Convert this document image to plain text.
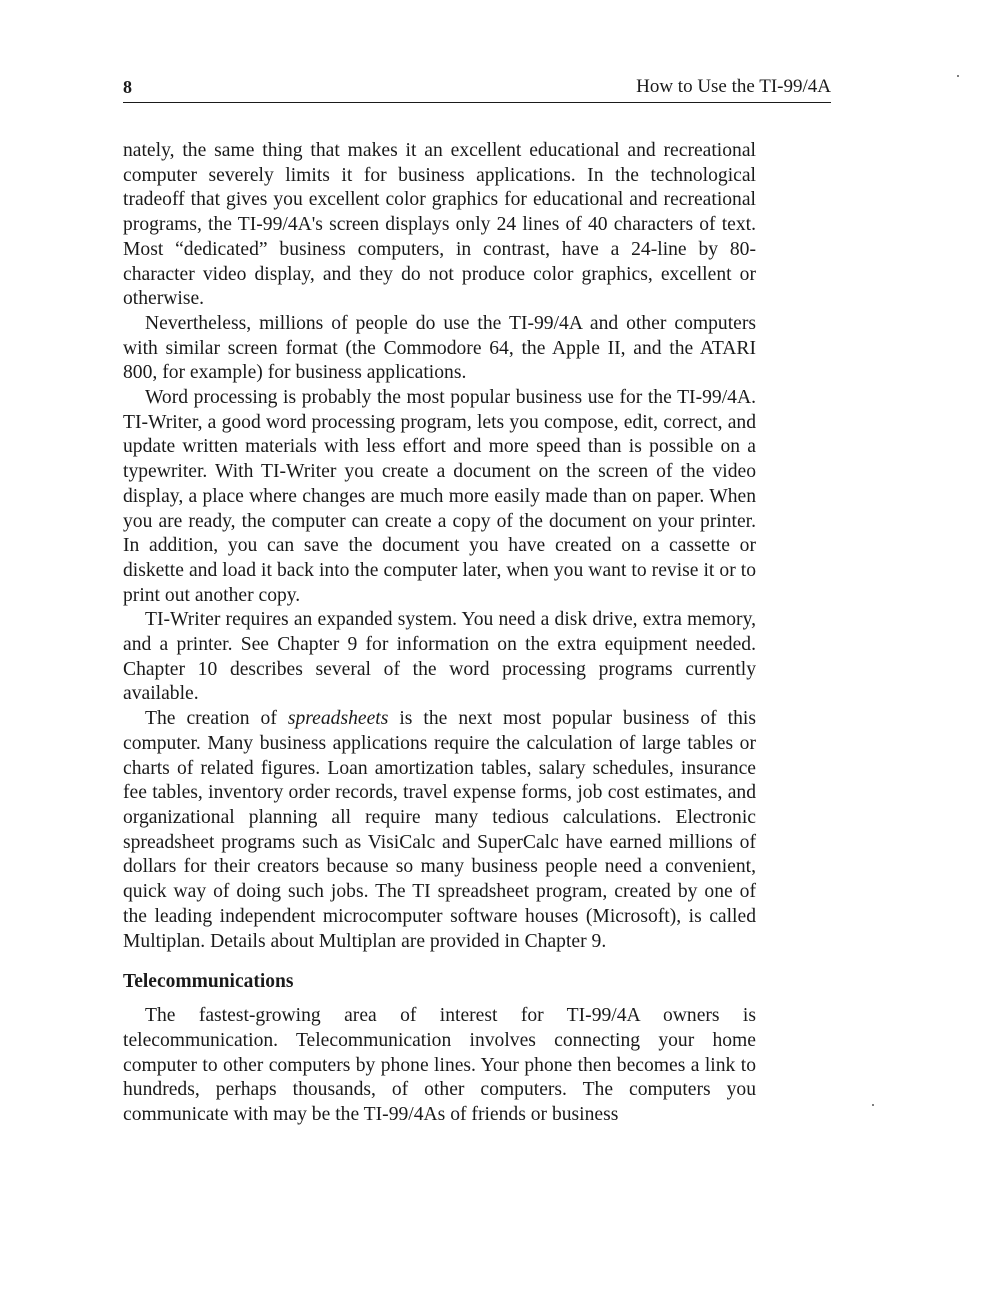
8	How to Use the TI-99/4A

nately, the same thing that makes it an excellent educational and recreational computer severely limits it for business applications. In the technological tradeoff that gives you excellent color graphics for educational and recreational programs, the TI-99/4A's screen displays only 24 lines of 40 characters of text. Most “dedicated” business computers, in contrast, have a 24-line by 80-character video display, and they do not produce color graphics, excellent or otherwise.

Nevertheless, millions of people do use the TI-99/4A and other computers with similar screen format (the Commodore 64, the Apple II, and the ATARI 800, for example) for business applications.

Word processing is probably the most popular business use for the TI-99/4A. TI-Writer, a good word processing program, lets you compose, edit, correct, and update written materials with less effort and more speed than is possible on a typewriter. With TI-Writer you create a document on the screen of the video display, a place where changes are much more easily made than on paper. When you are ready, the computer can create a copy of the document on your printer. In addition, you can save the document you have created on a cassette or diskette and load it back into the computer later, when you want to revise it or to print out another copy.

TI-Writer requires an expanded system. You need a disk drive, extra memory, and a printer. See Chapter 9 for information on the extra equipment needed. Chapter 10 describes several of the word processing programs currently available.

The creation of spreadsheets is the next most popular business of this computer. Many business applications require the calculation of large tables or charts of related figures. Loan amortization tables, salary schedules, insurance fee tables, inventory order records, travel expense forms, job cost estimates, and organizational planning all require many tedious calculations. Electronic spreadsheet programs such as VisiCalc and SuperCalc have earned millions of dollars for their creators because so many business people need a convenient, quick way of doing such jobs. The TI spreadsheet program, created by one of the leading independent microcomputer software houses (Microsoft), is called Multiplan. Details about Multiplan are provided in Chapter 9.

Telecommunications

The fastest-growing area of interest for TI-99/4A owners is telecommunication. Telecommunication involves connecting your home computer to other computers by phone lines. Your phone then becomes a link to hundreds, perhaps thousands, of other computers. The computers you communicate with may be the TI-99/4As of friends or business
